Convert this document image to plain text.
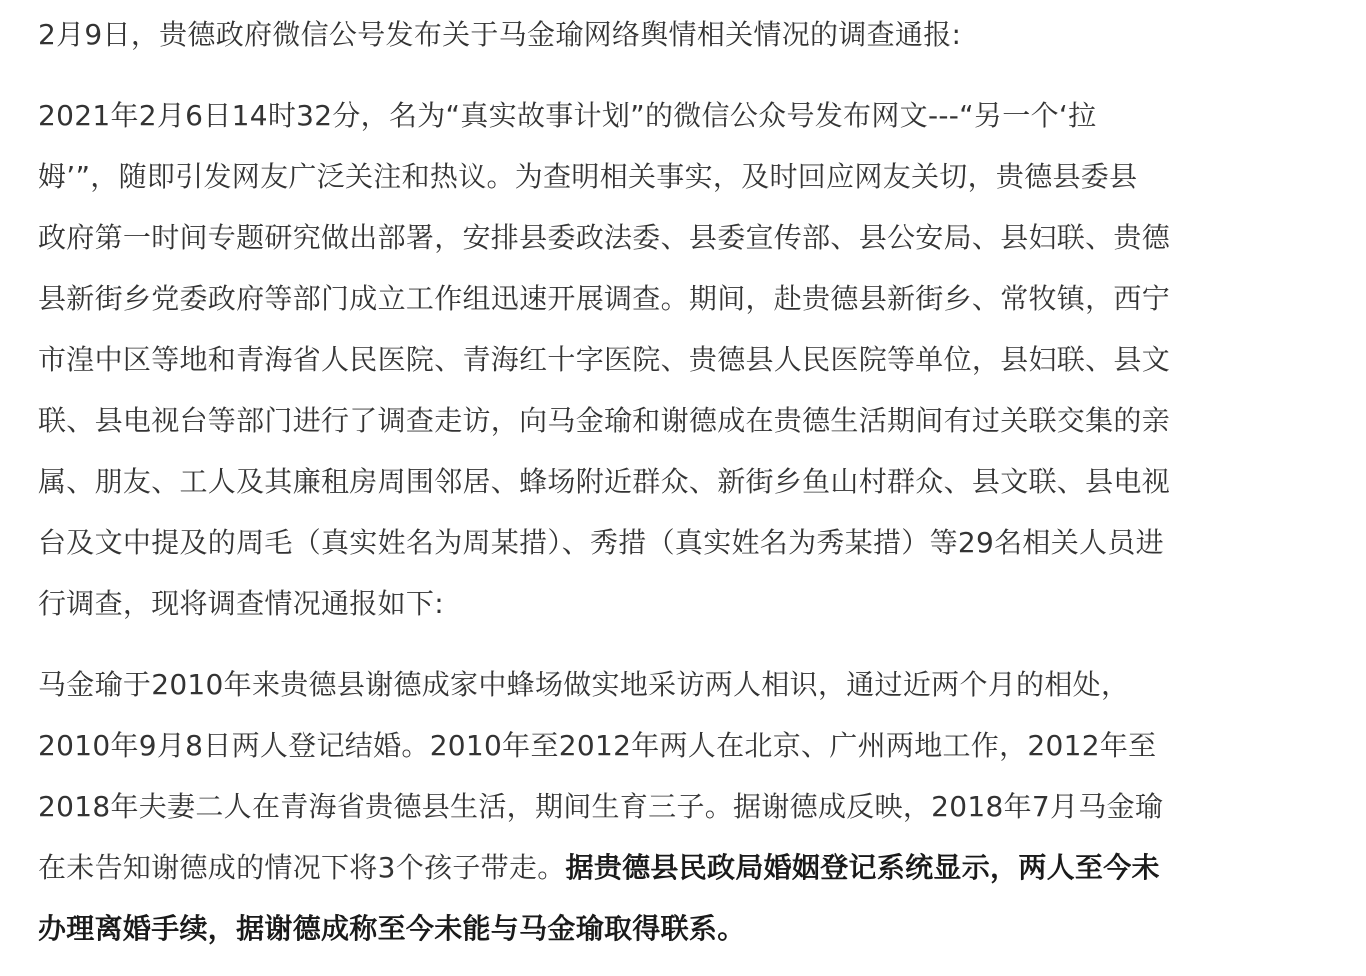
2月9日，贵德政府微信公号发布关于马金瑜网络舆情相关情况的调查通报:
2021年2月6日14时32分，名为“真实故事计划”的微信公众号发布网文---“另一个‘拉
姆’”，随即引发网友广泛关注和热议。为查明相关事实，及时回应网友关切，贵德县委县
政府第一时间专题研究做出部署，安排县委政法委、县委宣传部、县公安局、县妇联、贵德
县新街乡党委政府等部门成立工作组迅速开展调查。期间，赴贵德县新街乡、常牧镇，西宁
市湟中区等地和青海省人民医院、青海红十字医院、贵德县人民医院等单位，县妇联、县文
联、县电视台等部门进行了调查走访，向马金瑜和谢德成在贵德生活期间有过关联交集的亲
属、朋友、工人及其廉租房周围邻居、蜂场附近群众、新街乡鱼山村群众、县文联、县电视
台及文中提及的周毛（真实姓名为周某措）、秀措（真实姓名为秀某措）等29名相关人员进
行调查，现将调查情况通报如下:
马金瑜于2010年来贵德县谢德成家中蜂场做实地采访两人相识，通过近两个月的相处，
2010年9月8日两人登记结婚。2010年至2012年两人在北京、广州两地工作，2012年至
2018年夫妻二人在青海省贵德县生活，期间生育三子。据谢德成反映，2018年7月马金瑜
在未告知谢德成的情况下将3个孩子带走。据贵德县民政局婚姻登记系统显示，两人至今未
办理离婚手续，据谢德成称至今未能与马金瑜取得联系。
